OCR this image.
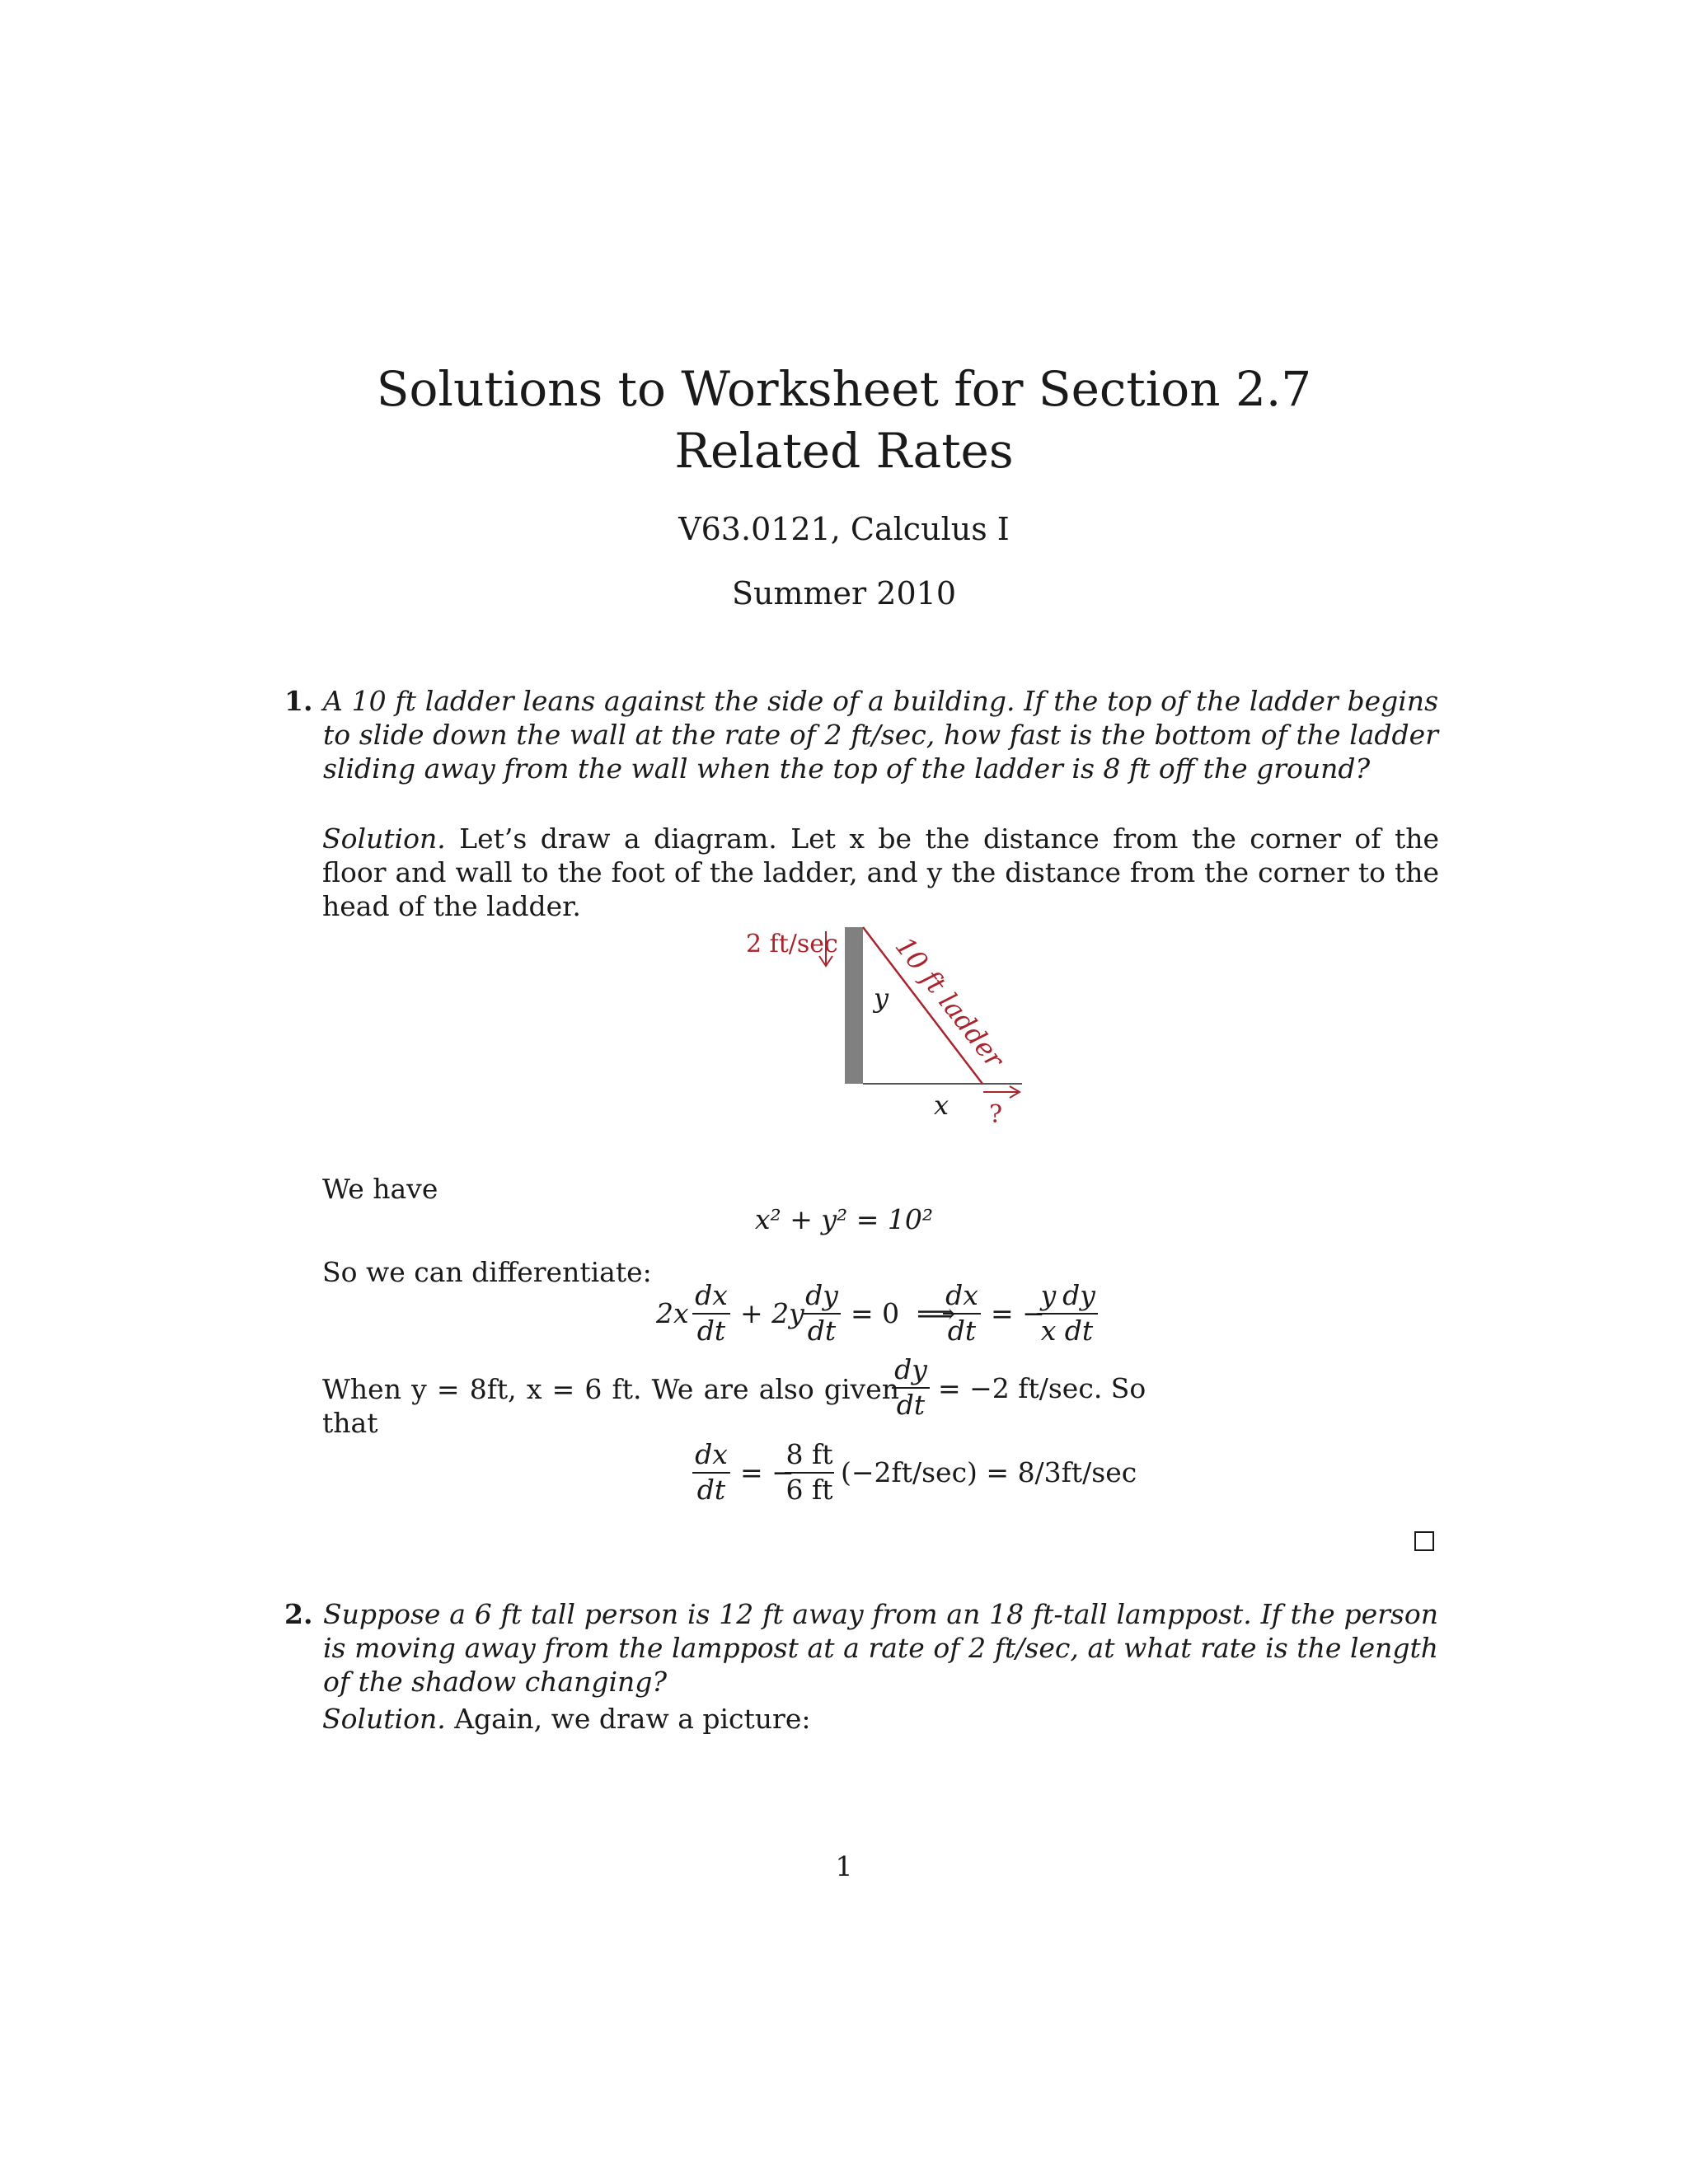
Solutions to Worksheet for Section 2.7
Related Rates
V63.0121, Calculus I
Summer 2010
1. A 10 ft ladder leans against the side of a building. If the top of the ladder begins to slide down the wall at the rate of 2 ft/sec, how fast is the bottom of the ladder sliding away from the wall when the top of the ladder is 8 ft off the ground?
Solution. Let’s draw a diagram. Let x be the distance from the corner of the floor and wall to the foot of the ladder, and y the distance from the corner to the head of the ladder.
2 ft/sec
y 10 ft ladder
x ?
We have
x² + y² = 10²
So we can differentiate:
$2x \frac{dx}{dt} + 2y$
$\frac{dy}{dt} = 0$  ⟹
$\frac{dx}{dt}$ = −
$\frac{y}{x} \frac{dy}{dt}$
When y = 8ft, x = 6 ft. We are also given that
$\frac{dy}{dt} = -2$ ft/sec. So
$\frac{dx}{dt}$ = −
$\frac{8 ft}{6 ft} (-2ft/\sec) = 8/3ft/\sec$
2. Suppose a 6 ft tall person is 12 ft away from an 18 ft-tall lamppost. If the person is moving away from the lamppost at a rate of 2 ft/sec, at what rate is the length of the shadow changing?
Solution. Again, we draw a picture:
1
